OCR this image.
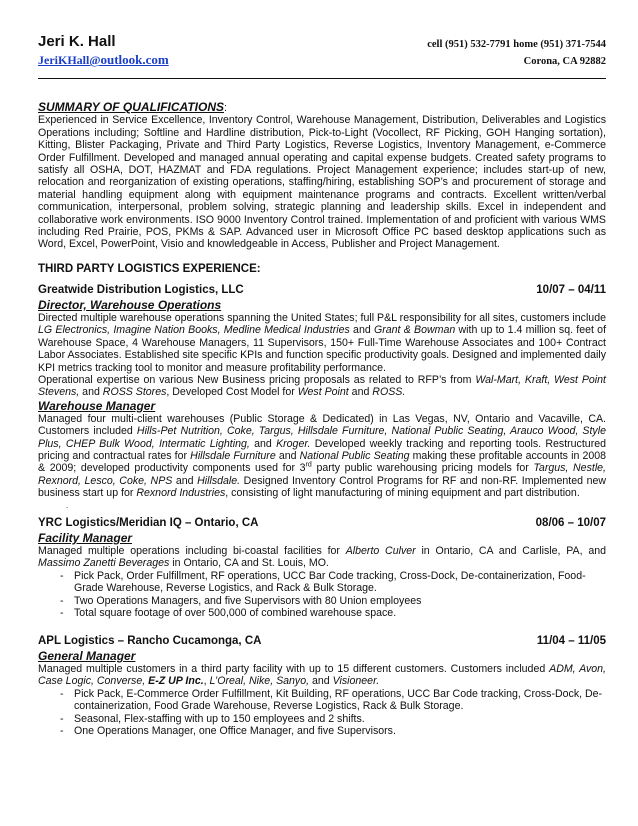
Jeri K. Hall	cell (951) 532-7791 home (951) 371-7544
JeriKHall@outlook.com	Corona, CA 92882
SUMMARY OF QUALIFICATIONS:
Experienced in Service Excellence, Inventory Control, Warehouse Management, Distribution, Deliverables and Logistics Operations including; Softline and Hardline distribution, Pick-to-Light (Vocollect, RF Picking, GOH Hanging sortation), Kitting, Blister Packaging, Private and Third Party Logistics, Reverse Logistics, Inventory Management, e-Commerce Order Fulfillment. Developed and managed annual operating and capital expense budgets. Created safety programs to satisfy all OSHA, DOT, HAZMAT and FDA regulations. Project Management experience; includes start-up of new, relocation and reorganization of existing operations, staffing/hiring, establishing SOP’s and procurement of storage and material handling equipment along with equipment maintenance programs and contracts. Excellent written/verbal communication, interpersonal, problem solving, strategic planning and leadership skills. Excel in independent and collaborative work environments. ISO 9000 Inventory Control trained. Implementation of and proficient with various WMS including Red Prairie, POS, PKMs & SAP. Advanced user in Microsoft Office PC based desktop applications such as Word, Excel, PowerPoint, Visio and knowledgeable in Access, Publisher and Project Management.
THIRD PARTY LOGISTICS EXPERIENCE:
Greatwide Distribution Logistics, LLC	10/07 – 04/11
Director, Warehouse Operations
Directed multiple warehouse operations spanning the United States; full P&L responsibility for all sites, customers include LG Electronics, Imagine Nation Books, Medline Medical Industries and Grant & Bowman with up to 1.4 million sq. feet of Warehouse Space, 4 Warehouse Managers, 11 Supervisors, 150+ Full-Time Warehouse Associates and 100+ Contract Labor Associates. Established site specific KPIs and function specific productivity goals. Designed and implemented daily KPI metrics tracking tool to monitor and measure profitability performance.
Operational expertise on various New Business pricing proposals as related to RFP’s from Wal-Mart, Kraft, West Point Stevens, and ROSS Stores, Developed Cost Model for West Point and ROSS.
Warehouse Manager
Managed four multi-client warehouses (Public Storage & Dedicated) in Las Vegas, NV, Ontario and Vacaville, CA. Customers included Hills-Pet Nutrition, Coke, Targus, Hillsdale Furniture, National Public Seating, Arauco Wood, Style Plus, CHEP Bulk Wood, Intermatic Lighting, and Kroger. Developed weekly tracking and reporting tools. Restructured pricing and contractual rates for Hillsdale Furniture and National Public Seating making these profitable accounts in 2008 & 2009; developed productivity components used for 3rd party public warehousing pricing models for Targus, Nestle, Rexnord, Lesco, Coke, NPS and Hillsdale. Designed Inventory Control Programs for RF and non-RF. Implemented new business start up for Rexnord Industries, consisting of light manufacturing of mining equipment and part distribution.
.
YRC Logistics/Meridian IQ – Ontario, CA	08/06 – 10/07
Facility Manager
Managed multiple operations including bi-coastal facilities for Alberto Culver in Ontario, CA and Carlisle, PA, and Massimo Zanetti Beverages in Ontario, CA and St. Louis, MO.
- Pick Pack, Order Fulfillment, RF operations, UCC Bar Code tracking, Cross-Dock, De-containerization, Food-Grade Warehouse, Reverse Logistics, and Rack & Bulk Storage.
- Two Operations Managers, and five Supervisors with 80 Union employees
- Total square footage of over 500,000 of combined warehouse space.
APL Logistics – Rancho Cucamonga, CA	11/04 – 11/05
General Manager
Managed multiple customers in a third party facility with up to 15 different customers. Customers included ADM, Avon, Case Logic, Converse, E-Z UP Inc., L’Oreal, Nike, Sanyo, and Visioneer.
- Pick Pack, E-Commerce Order Fulfillment, Kit Building, RF operations, UCC Bar Code tracking, Cross-Dock, De-containerization, Food Grade Warehouse, Reverse Logistics, Rack & Bulk Storage.
- Seasonal, Flex-staffing with up to 150 employees and 2 shifts.
- One Operations Manager, one Office Manager, and five Supervisors.
